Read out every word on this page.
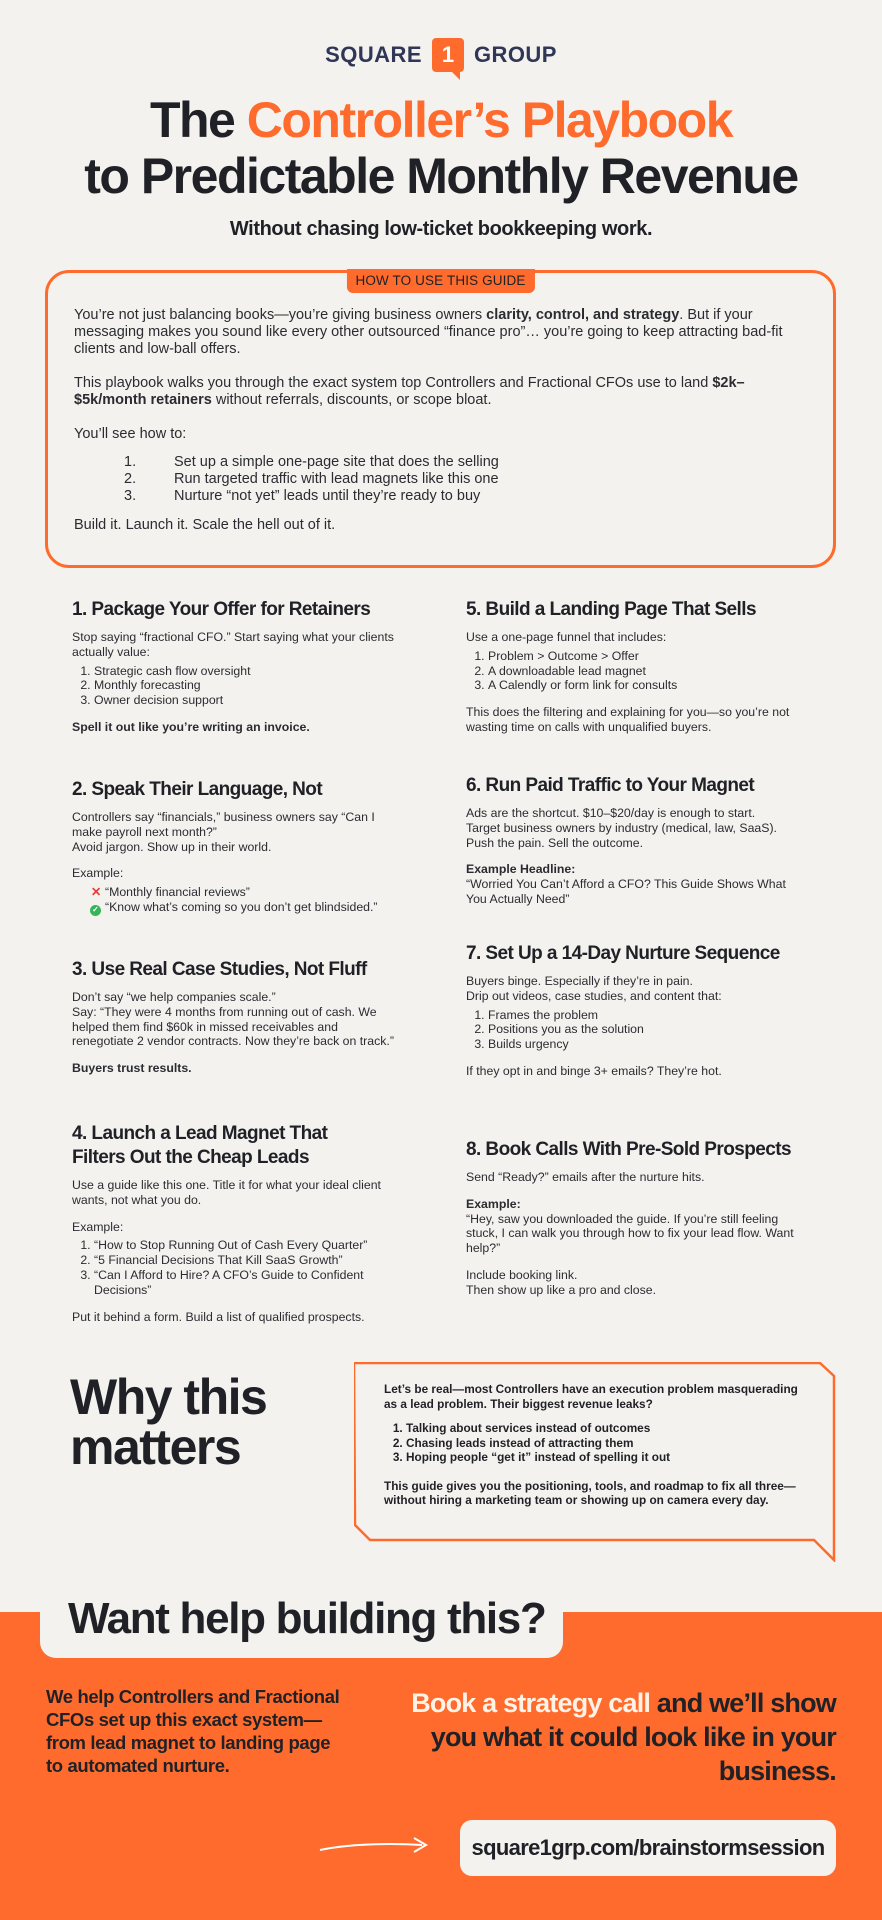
SQUARE 1 GROUP
The Controller’s Playbook
to Predictable Monthly Revenue
Without chasing low-ticket bookkeeping work.
HOW TO USE THIS GUIDE

You’re not just balancing books—you’re giving business owners clarity, control, and strategy. But if your messaging makes you sound like every other outsourced “finance pro”… you’re going to keep attracting bad-fit clients and low-ball offers.

This playbook walks you through the exact system top Controllers and Fractional CFOs use to land $2k–$5k/month retainers without referrals, discounts, or scope bloat.

You’ll see how to:

1.	Set up a simple one-page site that does the selling
2.	Run targeted traffic with lead magnets like this one
3.	Nurture “not yet” leads until they’re ready to buy

Build it. Launch it. Scale the hell out of it.

1. Package Your Offer for Retainers

Stop saying “fractional CFO.” Start saying what your clients actually value:

1. Strategic cash flow oversight
2. Monthly forecasting
3. Owner decision support

Spell it out like you’re writing an invoice.

2. Speak Their Language, Not
Controllers say “financials,” business owners say “Can I make payroll next month?”

Avoid jargon. Show up in their world.

Example:

✕ “Monthly financial reviews”
✓ “Know what’s coming so you don’t get blindsided.”
3. Use Real Case Studies, Not Fluff
Don’t say “we help companies scale.”

Say: “They were 4 months from running out of cash. We helped them find $60k in missed receivables and renegotiate 2 vendor contracts. Now they’re back on track.”

Buyers trust results.

4. Launch a Lead Magnet That
Filters Out the Cheap Leads

Use a guide like this one. Title it for what your ideal client wants, not what you do.

Example:

1. “How to Stop Running Out of Cash Every Quarter”
2. “5 Financial Decisions That Kill SaaS Growth”
3. “Can I Afford to Hire? A CFO’s Guide to Confident Decisions”

Put it behind a form. Build a list of qualified prospects.

5. Build a Landing Page That Sells

Use a one-page funnel that includes:

1. Problem > Outcome > Offer
2. A downloadable lead magnet
3. A Calendly or form link for consults

This does the filtering and explaining for you—so you’re not wasting time on calls with unqualified buyers.

6. Run Paid Traffic to Your Magnet
Ads are the shortcut. $10–$20/day is enough to start.
Target business owners by industry (medical, law, SaaS).

Push the pain. Sell the outcome.

Example Headline:

“Worried You Can’t Afford a CFO? This Guide Shows What You Actually Need”

7. Set Up a 14-Day Nurture Sequence
Buyers binge. Especially if they’re in pain.

Drip out videos, case studies, and content that:

1. Frames the problem
2. Positions you as the solution
3. Builds urgency

If they opt in and binge 3+ emails? They’re hot.

8. Book Calls With Pre-Sold Prospects

Send “Ready?” emails after the nurture hits.

Example:

“Hey, saw you downloaded the guide. If you’re still feeling stuck, I can walk you through how to fix your lead flow. Want help?”

Include booking link.
Then show up like a pro and close.
Why this
matters

Let’s be real—most Controllers have an execution problem masquerading as a lead problem. Their biggest revenue leaks?

1. Talking about services instead of outcomes
2. Chasing leads instead of attracting them
3. Hoping people “get it” instead of spelling it out

This guide gives you the positioning, tools, and roadmap to fix all three—without hiring a marketing team or showing up on camera every day.

Want help building this?
We help Controllers and Fractional CFOs set up this exact system—from lead magnet to landing page to automated nurture.
Book a strategy call and we’ll show you what it could look like in your business.
square1grp.com/brainstormsession
